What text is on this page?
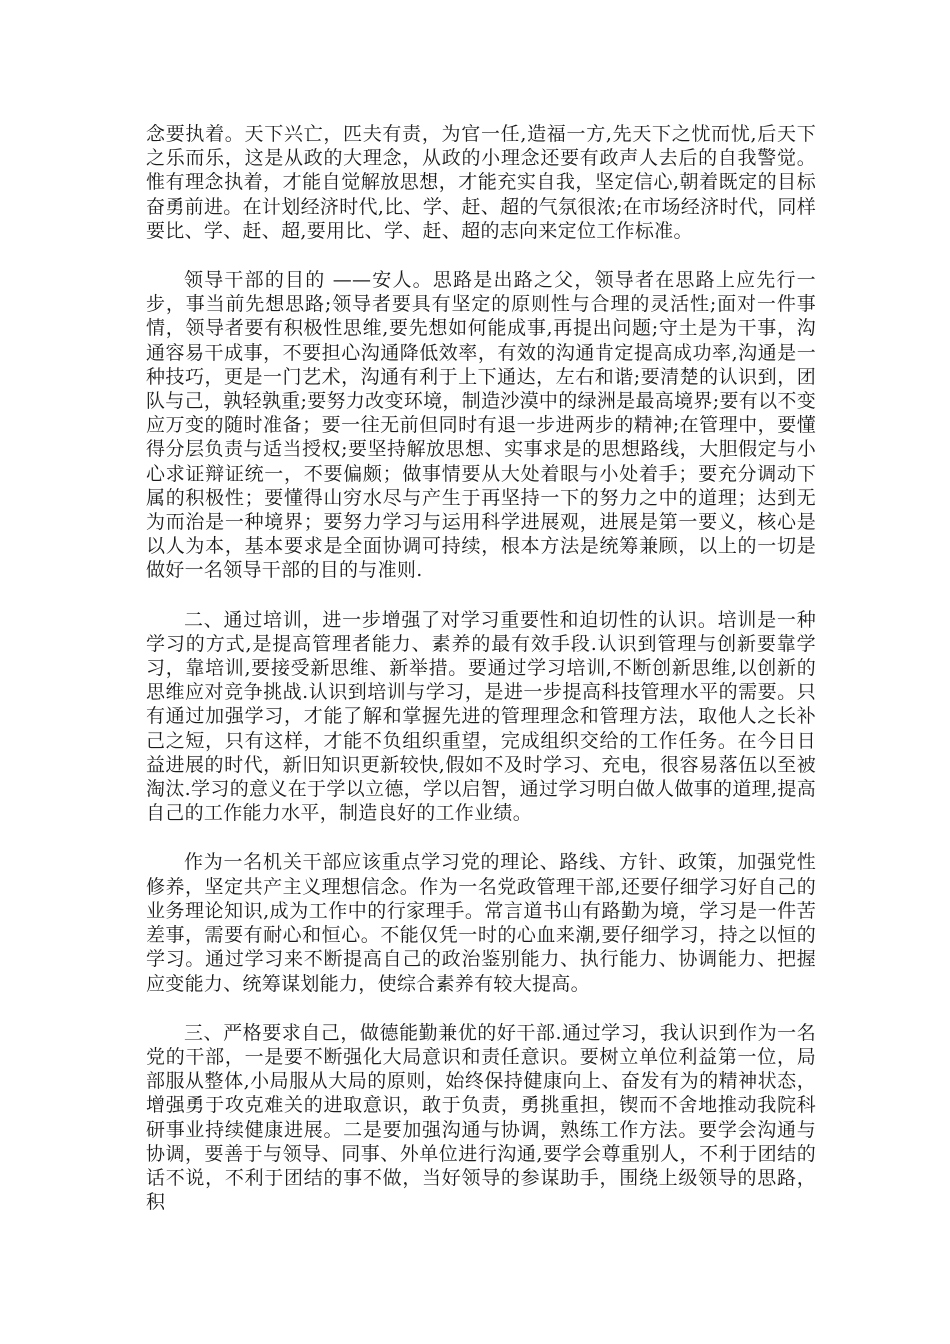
念要执着。天下兴亡，匹夫有责，为官一任,造福一方,先天下之忧而忧,后天下之乐而乐，这是从政的大理念，从政的小理念还要有政声人去后的自我警觉。惟有理念执着，才能自觉解放思想，才能充实自我，坚定信心,朝着既定的目标奋勇前进。在计划经济时代,比、学、赶、超的气氛很浓;在市场经济时代，同样要比、学、赶、超,要用比、学、赶、超的志向来定位工作标准。

领导干部的目的 ——安人。思路是出路之父，领导者在思路上应先行一步，事当前先想思路;领导者要具有坚定的原则性与合理的灵活性;面对一件事情，领导者要有积极性思维,要先想如何能成事,再提出问题;守土是为干事，沟通容易干成事，不要担心沟通降低效率，有效的沟通肯定提高成功率,沟通是一种技巧，更是一门艺术，沟通有利于上下通达，左右和谐;要清楚的认识到，团队与己，孰轻孰重;要努力改变环境，制造沙漠中的绿洲是最高境界;要有以不变应万变的随时准备；要一往无前但同时有退一步进两步的精神;在管理中，要懂得分层负责与适当授权;要坚持解放思想、实事求是的思想路线，大胆假定与小心求证辩证统一，不要偏颇；做事情要从大处着眼与小处着手；要充分调动下属的积极性；要懂得山穷水尽与产生于再坚持一下的努力之中的道理；达到无为而治是一种境界；要努力学习与运用科学进展观，进展是第一要义，核心是以人为本，基本要求是全面协调可持续，根本方法是统筹兼顾，以上的一切是做好一名领导干部的目的与准则.

二、通过培训，进一步增强了对学习重要性和迫切性的认识。培训是一种学习的方式,是提高管理者能力、素养的最有效手段.认识到管理与创新要靠学习，靠培训,要接受新思维、新举措。要通过学习培训,不断创新思维,以创新的思维应对竞争挑战.认识到培训与学习，是进一步提高科技管理水平的需要。只有通过加强学习，才能了解和掌握先进的管理理念和管理方法，取他人之长补己之短，只有这样，才能不负组织重望，完成组织交给的工作任务。在今日日益进展的时代，新旧知识更新较快,假如不及时学习、充电，很容易落伍以至被淘汰.学习的意义在于学以立德，学以启智，通过学习明白做人做事的道理,提高自己的工作能力水平，制造良好的工作业绩。

作为一名机关干部应该重点学习党的理论、路线、方针、政策，加强党性修养，坚定共产主义理想信念。作为一名党政管理干部,还要仔细学习好自己的业务理论知识,成为工作中的行家理手。常言道书山有路勤为境，学习是一件苦差事，需要有耐心和恒心。不能仅凭一时的心血来潮,要仔细学习，持之以恒的学习。通过学习来不断提高自己的政治鉴别能力、执行能力、协调能力、把握应变能力、统筹谋划能力，使综合素养有较大提高。

三、严格要求自己，做德能勤兼优的好干部.通过学习，我认识到作为一名党的干部，一是要不断强化大局意识和责任意识。要树立单位利益第一位，局部服从整体,小局服从大局的原则，始终保持健康向上、奋发有为的精神状态，增强勇于攻克难关的进取意识，敢于负责，勇挑重担，锲而不舍地推动我院科研事业持续健康进展。二是要加强沟通与协调，熟练工作方法。要学会沟通与协调，要善于与领导、同事、外单位进行沟通,要学会尊重别人，不利于团结的话不说，不利于团结的事不做，当好领导的参谋助手，围绕上级领导的思路，积
